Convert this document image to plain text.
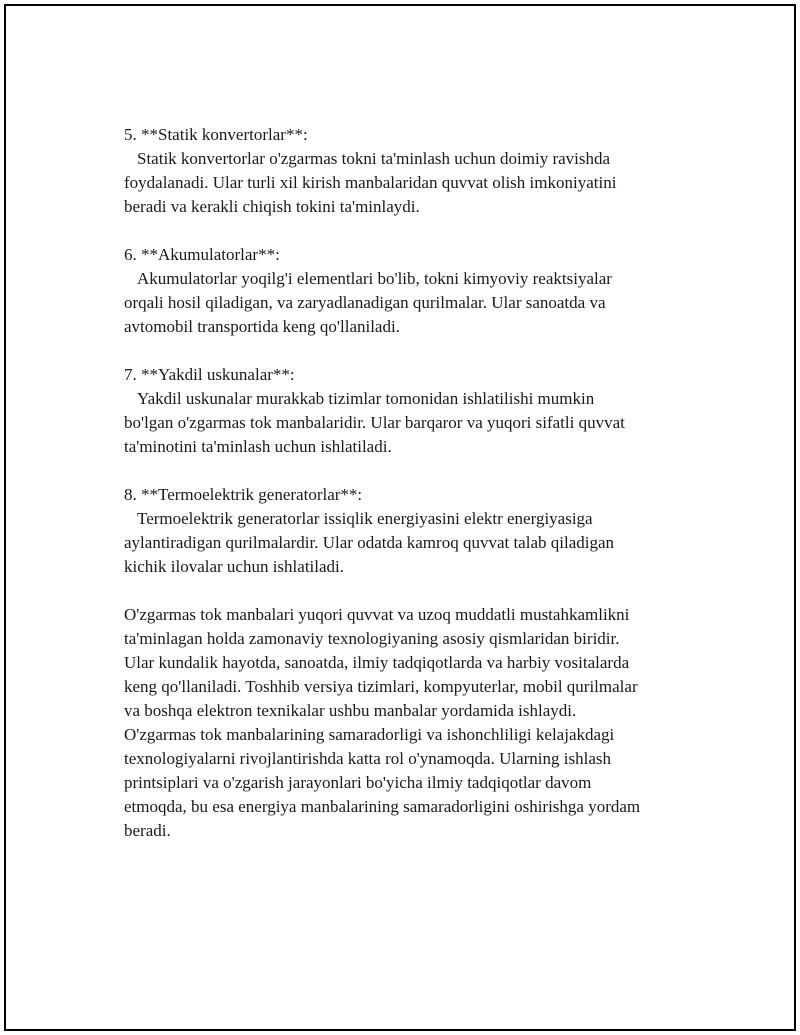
5. **Statik konvertorlar**:

Statik konvertorlar o'zgarmas tokni ta'minlash uchun doimiy ravishda
foydalanadi. Ular turli xil kirish manbalaridan quvvat olish imkoniyatini
beradi va kerakli chiqish tokini ta'minlaydi.

6. **Akumulatorlar**:

Akumulatorlar yoqilg'i elementlari bo'lib, tokni kimyoviy reaktsiyalar
orqali hosil qiladigan, va zaryadlanadigan qurilmalar. Ular sanoatda va
avtomobil transportida keng qo'llaniladi.

7. **Yakdil uskunalar**:

Yakdil uskunalar murakkab tizimlar tomonidan ishlatilishi mumkin
bo'lgan o'zgarmas tok manbalaridir. Ular barqaror va yuqori sifatli quvvat
ta'minotini ta'minlash uchun ishlatiladi.

8. **Termoelektrik generatorlar**:

Termoelektrik generatorlar issiqlik energiyasini elektr energiyasiga
aylantiradigan qurilmalardir. Ular odatda kamroq quvvat talab qiladigan
kichik ilovalar uchun ishlatiladi.

O'zgarmas tok manbalari yuqori quvvat va uzoq muddatli mustahkamlikni
ta'minlagan holda zamonaviy texnologiyaning asosiy qismlaridan biridir.
Ular kundalik hayotda, sanoatda, ilmiy tadqiqotlarda va harbiy vositalarda
keng qo'llaniladi. Toshhib versiya tizimlari, kompyuterlar, mobil qurilmalar
va boshqa elektron texnikalar ushbu manbalar yordamida ishlaydi.
O'zgarmas tok manbalarining samaradorligi va ishonchliligi kelajakdagi
texnologiyalarni rivojlantirishda katta rol o'ynamoqda. Ularning ishlash
printsiplari va o'zgarish jarayonlari bo'yicha ilmiy tadqiqotlar davom
etmoqda, bu esa energiya manbalarining samaradorligini oshirishga yordam
beradi.
